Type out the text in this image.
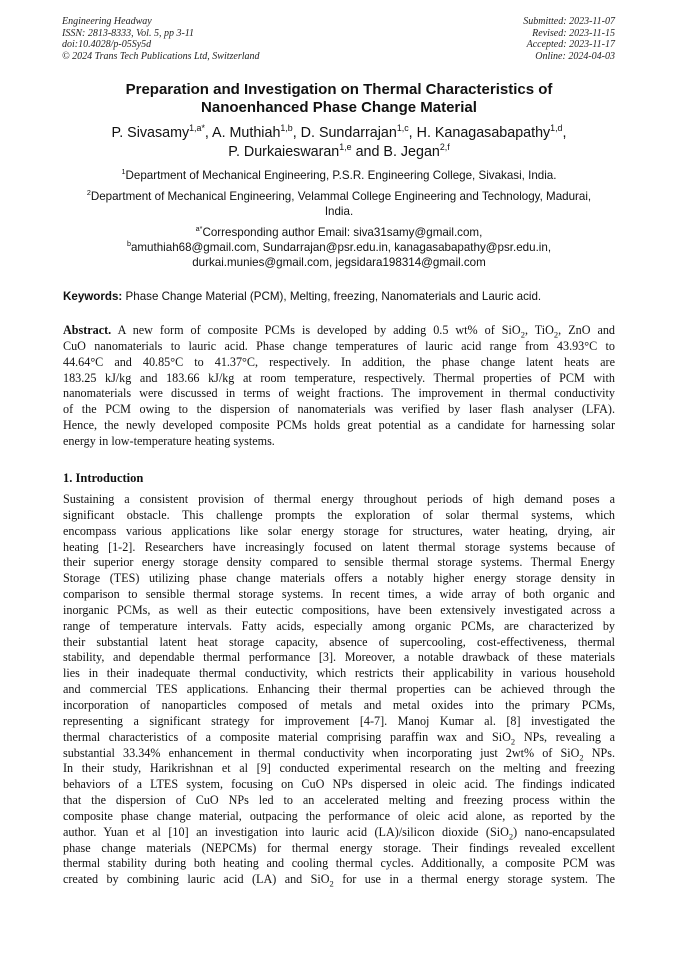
Engineering Headway
ISSN: 2813-8333, Vol. 5, pp 3-11
doi:10.4028/p-05Sy5d
© 2024 Trans Tech Publications Ltd, Switzerland
Submitted: 2023-11-07
Revised: 2023-11-15
Accepted: 2023-11-17
Online: 2024-04-03
Preparation and Investigation on Thermal Characteristics of
Nanoenhanced Phase Change Material
P. Sivasamy$^{1,a*}$, A. Muthiah$^{1,b}$, D. Sundarrajan$^{1,c}$, H. Kanagasabapathy$^{1,d}$,
P. Durkaieswaran$^{1,e}$ and B. Jegan$^{2,f}$
$^1$Department of Mechanical Engineering, P.S.R. Engineering College, Sivakasi, India.
$^2$Department of Mechanical Engineering, Velammal College Engineering and Technology, Madurai,
India.
$^{a*}$Corresponding author Email: siva31samy@gmail.com,
$^b$amuthiah68@gmail.com, Sundarrajan@psr.edu.in, kanagasabapathy@psr.edu.in,
durkai.munies@gmail.com, jegsidara198314@gmail.com
Keywords: Phase Change Material (PCM), Melting, freezing, Nanomaterials and Lauric acid.
Abstract. A new form of composite PCMs is developed by adding 0.5 wt% of SiO$_2$, TiO$_2$, ZnO and
CuO nanomaterials to lauric acid. Phase change temperatures of lauric acid range from 43.93°C to
44.64°C and 40.85°C to 41.37°C, respectively. In addition, the phase change latent heats are
183.25 kJ/kg and 183.66 kJ/kg at room temperature, respectively. Thermal properties of PCM with
nanomaterials were discussed in terms of weight fractions. The improvement in thermal conductivity
of the PCM owing to the dispersion of nanomaterials was verified by laser flash analyser (LFA).
Hence, the newly developed composite PCMs holds great potential as a candidate for harnessing solar
energy in low-temperature heating systems.
1. Introduction
Sustaining a consistent provision of thermal energy throughout periods of high demand poses a
significant obstacle. This challenge prompts the exploration of solar thermal systems, which
encompass various applications like solar energy storage for structures, water heating, drying, air
heating [1-2]. Researchers have increasingly focused on latent thermal storage systems because of
their superior energy storage density compared to sensible thermal storage systems. Thermal Energy
Storage (TES) utilizing phase change materials offers a notably higher energy storage density in
comparison to sensible thermal storage systems. In recent times, a wide array of both organic and
inorganic PCMs, as well as their eutectic compositions, have been extensively investigated across a
range of temperature intervals. Fatty acids, especially among organic PCMs, are characterized by
their substantial latent heat storage capacity, absence of supercooling, cost-effectiveness, thermal
stability, and dependable thermal performance [3]. Moreover, a notable drawback of these materials
lies in their inadequate thermal conductivity, which restricts their applicability in various household
and commercial TES applications. Enhancing their thermal properties can be achieved through the
incorporation of nanoparticles composed of metals and metal oxides into the primary PCMs,
representing a significant strategy for improvement [4-7]. Manoj Kumar al. [8] investigated the
thermal characteristics of a composite material comprising paraffin wax and SiO$_2$ NPs, revealing a
substantial 33.34% enhancement in thermal conductivity when incorporating just 2wt% of SiO$_2$ NPs.
In their study, Harikrishnan et al [9] conducted experimental research on the melting and freezing
behaviors of a LTES system, focusing on CuO NPs dispersed in oleic acid. The findings indicated
that the dispersion of CuO NPs led to an accelerated melting and freezing process within the
composite phase change material, outpacing the performance of oleic acid alone, as reported by the
author. Yuan et al [10] an investigation into lauric acid (LA)/silicon dioxide (SiO$_2$) nano-encapsulated
phase change materials (NEPCMs) for thermal energy storage. Their findings revealed excellent
thermal stability during both heating and cooling thermal cycles. Additionally, a composite PCM was
created by combining lauric acid (LA) and SiO$_2$ for use in a thermal energy storage system. The
